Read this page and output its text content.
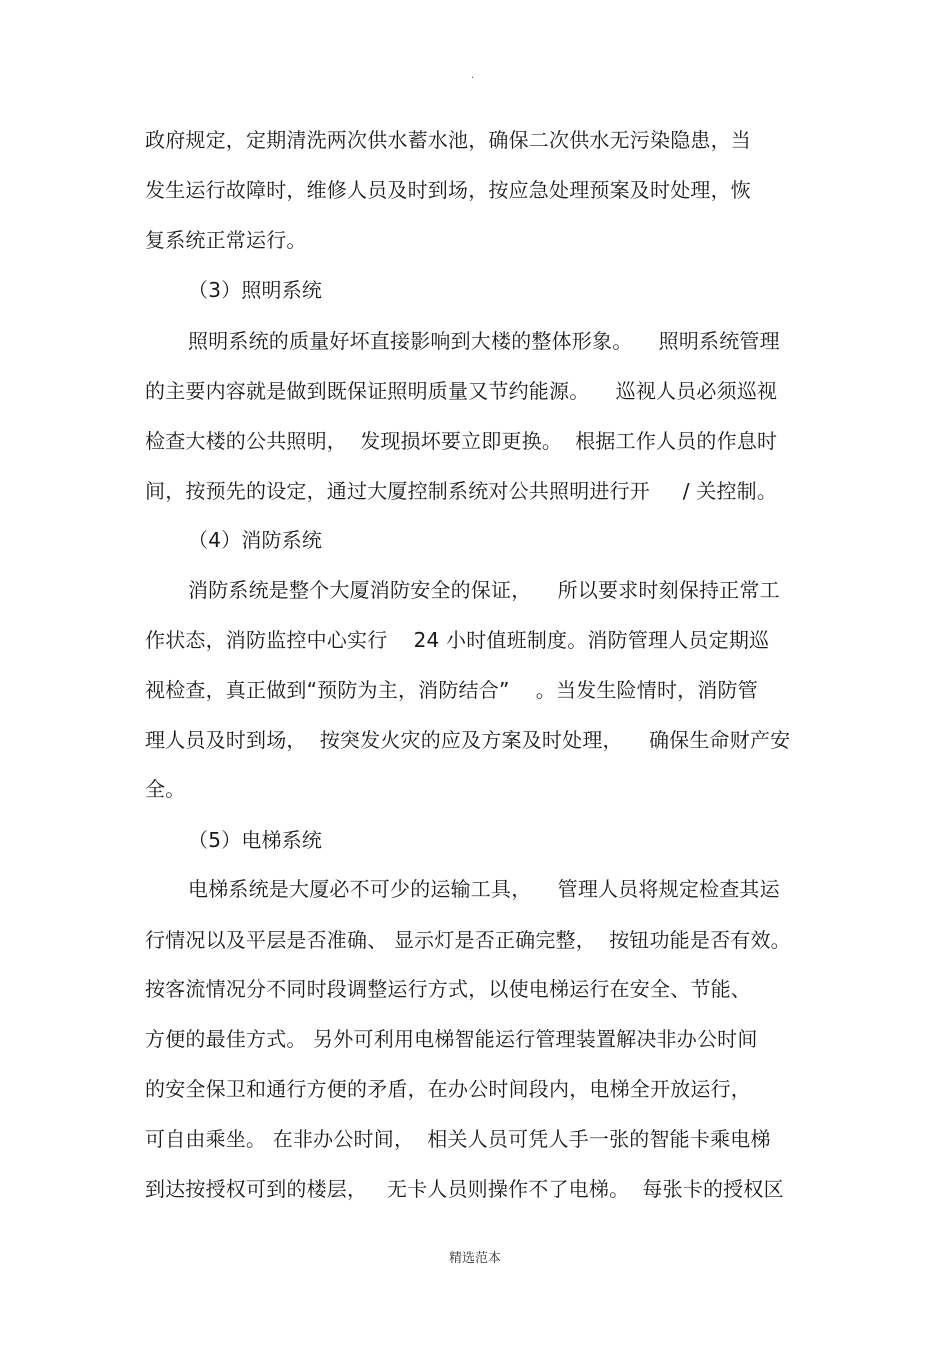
.
政府规定，定期清洗两次供水蓄水池，确保二次供水无污染隐患，当
发生运行故障时，维修人员及时到场，按应急处理预案及时处理，恢
复系统正常运行。
（3）照明系统
照明系统的质量好坏直接影响到大楼的整体形象。    照明系统管理
的主要内容就是做到既保证照明质量又节约能源。    巡视人员必须巡视
检查大楼的公共照明，  发现损坏要立即更换。  根据工作人员的作息时
间，按预先的设定，通过大厦控制系统对公共照明进行开     / 关控制。
（4）消防系统
消防系统是整个大厦消防安全的保证，    所以要求时刻保持正常工
作状态，消防监控中心实行    24 小时值班制度。消防管理人员定期巡
视检查，真正做到“预防为主，消防结合”    。当发生险情时，消防管
理人员及时到场，  按突发火灾的应及方案及时处理，    确保生命财产安
全。
（5）电梯系统
电梯系统是大厦必不可少的运输工具，    管理人员将规定检查其运
行情况以及平层是否准确、 显示灯是否正确完整，  按钮功能是否有效。
按客流情况分不同时段调整运行方式，以使电梯运行在安全、节能、
方便的最佳方式。 另外可利用电梯智能运行管理装置解决非办公时间
的安全保卫和通行方便的矛盾，在办公时间段内，电梯全开放运行，
可自由乘坐。 在非办公时间，  相关人员可凭人手一张的智能卡乘电梯
到达按授权可到的楼层，   无卡人员则操作不了电梯。  每张卡的授权区
精选范本
